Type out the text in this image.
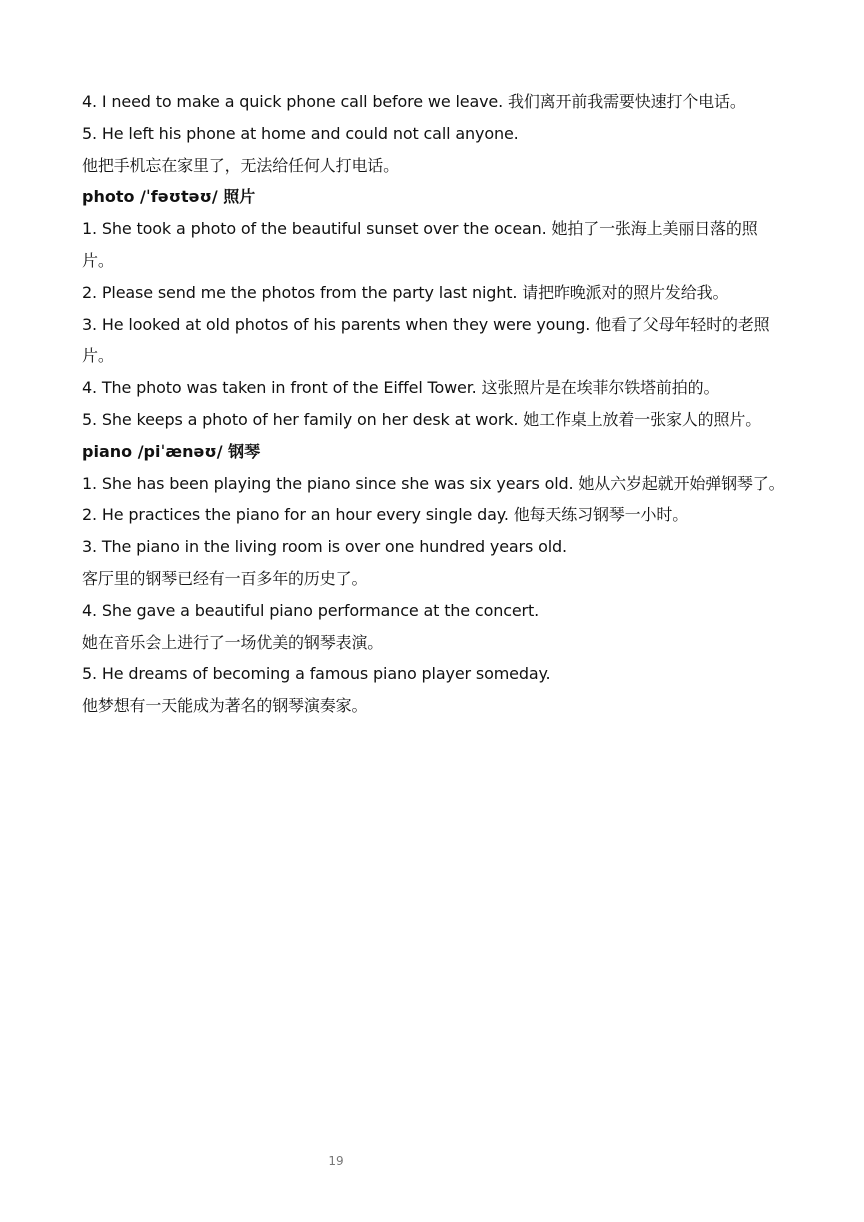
4. I need to make a quick phone call before we leave. 我们离开前我需要快速打个电话。

5. He left his phone at home and could not call anyone.

他把手机忘在家里了，无法给任何人打电话。

photo /ˈfəʊtəʊ/ 照片

1. She took a photo of the beautiful sunset over the ocean. 她拍了一张海上美丽日落的照片。

2. Please send me the photos from the party last night. 请把昨晚派对的照片发给我。

3. He looked at old photos of his parents when they were young. 他看了父母年轻时的老照片。

4. The photo was taken in front of the Eiffel Tower. 这张照片是在埃菲尔铁塔前拍的。

5. She keeps a photo of her family on her desk at work. 她工作桌上放着一张家人的照片。

piano /piˈænəʊ/ 钢琴

1. She has been playing the piano since she was six years old. 她从六岁起就开始弹钢琴了。

2. He practices the piano for an hour every single day. 他每天练习钢琴一小时。

3. The piano in the living room is over one hundred years old.

客厅里的钢琴已经有一百多年的历史了。

4. She gave a beautiful piano performance at the concert.

她在音乐会上进行了一场优美的钢琴表演。

5. He dreams of becoming a famous piano player someday.

他梦想有一天能成为著名的钢琴演奏家。

19
